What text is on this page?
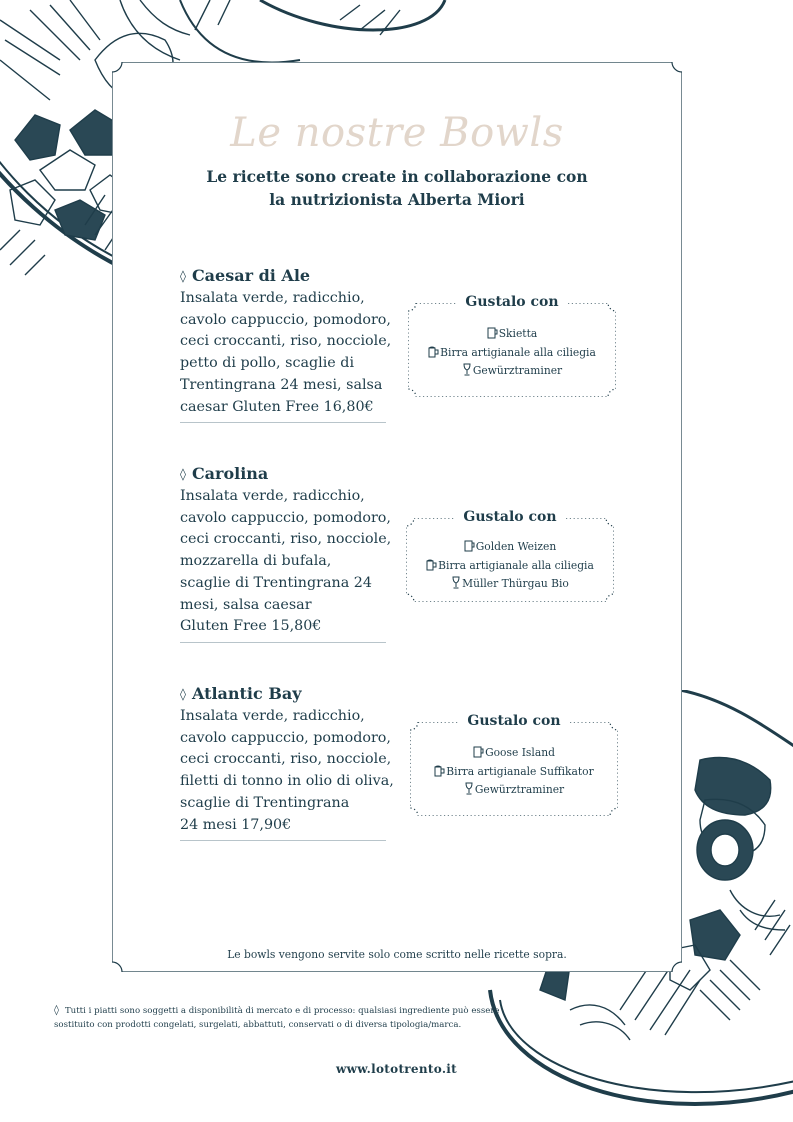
Le nostre Bowls
Le ricette sono create in collaborazione con
la nutrizionista Alberta Miori
◊ Caesar di Ale
Insalata verde, radicchio,
cavolo cappuccio, pomodoro,
ceci croccanti, riso, nocciole,
petto di pollo, scaglie di
Trentingrana 24 mesi, salsa
caesar Gluten Free 16,80€
◊ Carolina
Insalata verde, radicchio,
cavolo cappuccio, pomodoro,
ceci croccanti, riso, nocciole,
mozzarella di bufala,
scaglie di Trentingrana 24
mesi, salsa caesar
Gluten Free 15,80€
◊ Atlantic Bay
Insalata verde, radicchio,
cavolo cappuccio, pomodoro,
ceci croccanti, riso, nocciole,
filetti di tonno in olio di oliva,
scaglie di Trentingrana
24 mesi 17,90€
Gustalo con
Skietta
Birra artigianale alla ciliegia
Gewürztraminer
Gustalo con
Golden Weizen
Birra artigianale alla ciliegia
Müller Thürgau Bio
Gustalo con
Goose Island
Birra artigianale Suffikator
Gewürztraminer
Le bowls vengono servite solo come scritto nelle ricette sopra.
◊ Tutti i piatti sono soggetti a disponibilità di mercato e di processo: qualsiasi ingrediente può essere
sostituito con prodotti congelati, surgelati, abbattuti, conservati o di diversa tipologia/marca.
www.lototrento.it
